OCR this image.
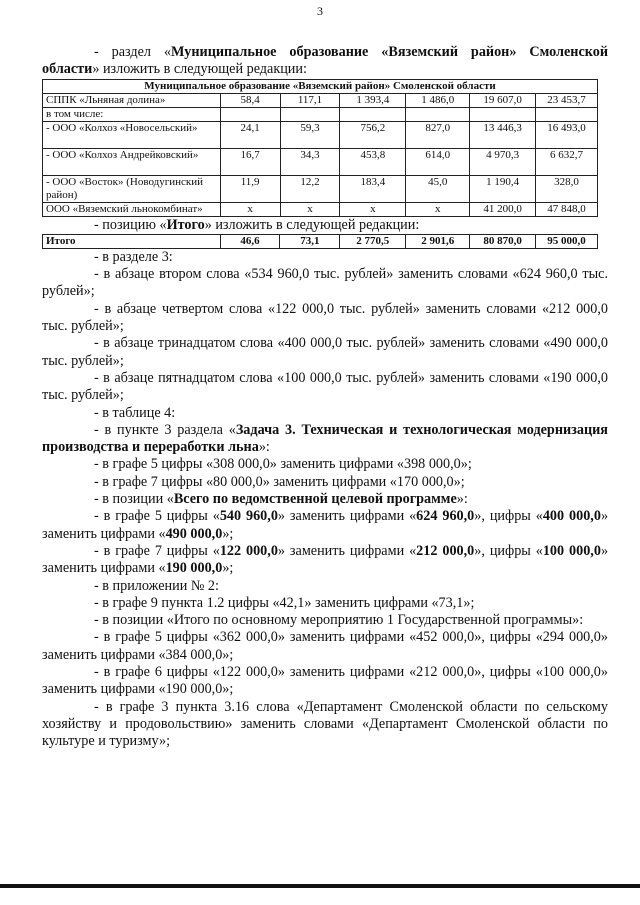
3

- раздел «Муниципальное образование «Вяземский район» Смоленской области» изложить в следующей редакции:

Муниципальное образование «Вяземский район» Смоленской области						
СППК «Льняная долина»	58,4	117,1	1 393,4	1 486,0	19 607,0	23 453,7
в том числе:						
- ООО «Колхоз «Новосельский»	24,1	59,3	756,2	827,0	13 446,3	16 493,0
- ООО «Колхоз Андрейковский»	16,7	34,3	453,8	614,0	4 970,3	6 632,7
- ООО «Восток» (Новодугинский район)	11,9	12,2	183,4	45,0	1 190,4	328,0
ООО «Вяземский льнокомбинат»	х	х	х	х	41 200,0	47 848,0

- позицию «Итого» изложить в следующей редакции:

Итого	46,6	73,1	2 770,5	2 901,6	80 870,0	95 000,0

- в разделе 3:

- в абзаце втором слова «534 960,0 тыс. рублей» заменить словами «624 960,0 тыс. рублей»;

- в абзаце четвертом слова «122 000,0 тыс. рублей» заменить словами «212 000,0 тыс. рублей»;

- в абзаце тринадцатом слова «400 000,0 тыс. рублей» заменить словами «490 000,0 тыс. рублей»;

- в абзаце пятнадцатом слова «100 000,0 тыс. рублей» заменить словами «190 000,0 тыс. рублей»;

- в таблице 4:

- в пункте 3 раздела «Задача 3. Техническая и технологическая модернизация производства и переработки льна»:

- в графе 5 цифры «308 000,0» заменить цифрами «398 000,0»;

- в графе 7 цифры «80 000,0» заменить цифрами «170 000,0»;

- в позиции «Всего по ведомственной целевой программе»:

- в графе 5 цифры «540 960,0» заменить цифрами «624 960,0», цифры «400 000,0» заменить цифрами «490 000,0»;

- в графе 7 цифры «122 000,0» заменить цифрами «212 000,0», цифры «100 000,0» заменить цифрами «190 000,0»;

- в приложении № 2:

- в графе 9 пункта 1.2 цифры «42,1» заменить цифрами «73,1»;

- в позиции «Итого по основному мероприятию 1 Государственной программы»:

- в графе 5 цифры «362 000,0» заменить цифрами «452 000,0», цифры «294 000,0» заменить цифрами «384 000,0»;

- в графе 6 цифры «122 000,0» заменить цифрами «212 000,0», цифры «100 000,0» заменить цифрами «190 000,0»;

- в графе 3 пункта 3.16 слова «Департамент Смоленской области по сельскому хозяйству и продовольствию» заменить словами «Департамент Смоленской области по культуре и туризму»;
